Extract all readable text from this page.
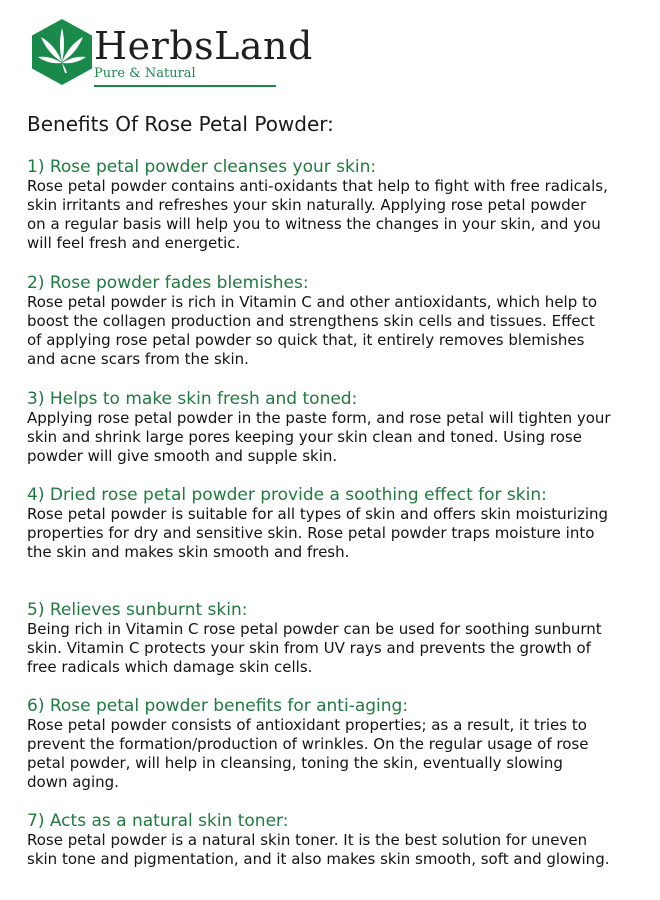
HerbsLand
Pure & Natural
Benefits Of Rose Petal Powder:
1) Rose petal powder cleanses your skin:

Rose petal powder contains anti-oxidants that help to fight with free radicals,
skin irritants and refreshes your skin naturally. Applying rose petal powder
on a regular basis will help you to witness the changes in your skin, and you
will feel fresh and energetic.

2) Rose powder fades blemishes:

Rose petal powder is rich in Vitamin C and other antioxidants, which help to
boost the collagen production and strengthens skin cells and tissues. Effect
of applying rose petal powder so quick that, it entirely removes blemishes
and acne scars from the skin.

3) Helps to make skin fresh and toned:

Applying rose petal powder in the paste form, and rose petal will tighten your
skin and shrink large pores keeping your skin clean and toned. Using rose
powder will give smooth and supple skin.

4) Dried rose petal powder provide a soothing effect for skin:

Rose petal powder is suitable for all types of skin and offers skin moisturizing
properties for dry and sensitive skin. Rose petal powder traps moisture into
the skin and makes skin smooth and fresh.

5) Relieves sunburnt skin:

Being rich in Vitamin C rose petal powder can be used for soothing sunburnt
skin. Vitamin C protects your skin from UV rays and prevents the growth of
free radicals which damage skin cells.

6) Rose petal powder benefits for anti-aging:

Rose petal powder consists of antioxidant properties; as a result, it tries to
prevent the formation/production of wrinkles. On the regular usage of rose
petal powder, will help in cleansing, toning the skin, eventually slowing
down aging.

7) Acts as a natural skin toner:

Rose petal powder is a natural skin toner. It is the best solution for uneven
skin tone and pigmentation, and it also makes skin smooth, soft and glowing.
